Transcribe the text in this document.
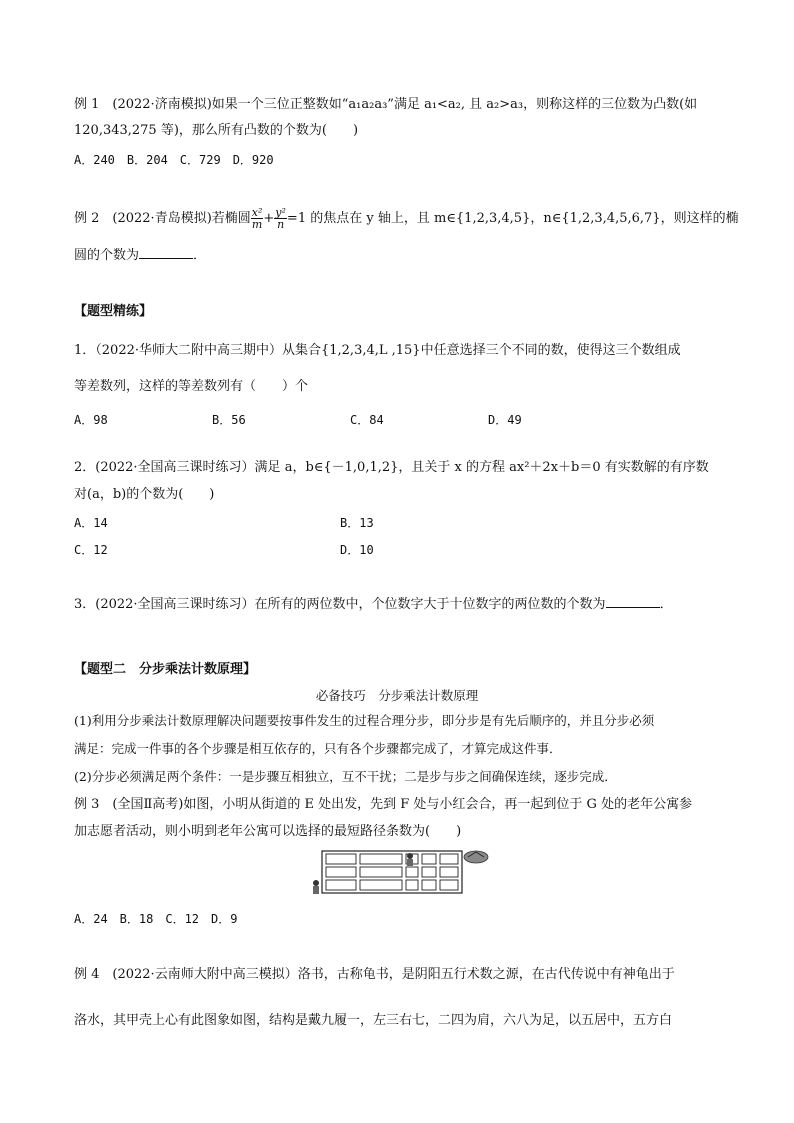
例 1　(2022·济南模拟)如果一个三位正整数如“a₁a₂a₃”满足 a₁<a₂, 且 a₂>a₃，则称这样的三位数为凸数(如
120,343,275 等)，那么所有凸数的个数为(　　)
A．240　B．204　C．729　D．920
例 2　(2022·青岛模拟)若椭圆 $\frac{\text{x²}}{m} + \frac{\text{y²}}{n} =1$ 的焦点在 y 轴上，且 m∈{1,2,3,4,5}，n∈{1,2,3,4,5,6,7}，则这样的椭
圆的个数为	．
【题型精练】
1．（2022·华师大二附中高三期中）从集合{1,2,3,4,L ,15}中任意选择三个不同的数，使得这三个数组成
等差数列，这样的等差数列有（　　）个
A．98	B．56	C．84	D．49
2．(2022·全国高三课时练习）满足 a，b∈{－1,0,1,2}，且关于 x 的方程 ax²＋2x＋b＝0 有实数解的有序数
对(a，b)的个数为(　　)
A．14	B．13
C．12	D．10
3．(2022·全国高三课时练习）在所有的两位数中，个位数字大于十位数字的两位数的个数为	．
【题型二　分步乘法计数原理】
必备技巧　分步乘法计数原理
(1)利用分步乘法计数原理解决问题要按事件发生的过程合理分步，即分步是有先后顺序的，并且分步必须
满足：完成一件事的各个步骤是相互依存的，只有各个步骤都完成了，才算完成这件事．
(2)分步必须满足两个条件：一是步骤互相独立，互不干扰；二是步与步之间确保连续，逐步完成．
例 3　(全国Ⅱ高考)如图，小明从街道的 E 处出发，先到 F 处与小红会合，再一起到位于 G 处的老年公寓参
加志愿者活动，则小明到老年公寓可以选择的最短路径条数为(　　)
A．24　B．18　C．12　D．9
例 4　(2022·云南师大附中高三模拟）洛书，古称龟书，是阴阳五行术数之源，在古代传说中有神龟出于
洛水，其甲壳上心有此图象如图，结构是戴九履一，左三右七，二四为肩，六八为足，以五居中，五方白
